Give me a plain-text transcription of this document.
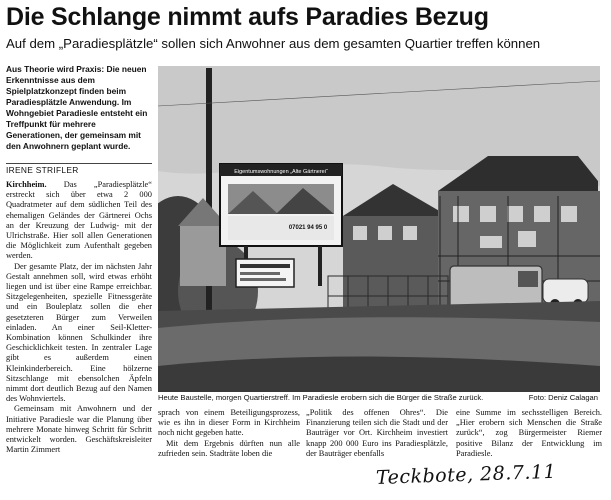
Die Schlange nimmt aufs Paradies Bezug
Auf dem „Paradiesplätzle“ sollen sich Anwohner aus dem gesamten Quartier treffen können

Aus Theorie wird Praxis: Die neuen Erkenntnisse aus dem Spielplatzkonzept finden beim Paradiesplätzle Anwendung. Im Wohngebiet Paradiesle entsteht ein Treffpunkt für mehrere Generationen, der gemeinsam mit den Anwohnern geplant wurde.

IRENE STRIFLER

Kirchheim. Das „Paradiesplätzle“ erstreckt sich über etwa 2 000 Quadratmeter auf dem südlichen Teil des ehemaligen Geländes der Gärtnerei Ochs an der Kreuzung der Ludwig- mit der Ulrichstraße. Hier soll allen Generationen die Möglichkeit zum Aufenthalt gegeben werden.

Der gesamte Platz, der im nächsten Jahr Gestalt annehmen soll, wird etwas erhöht liegen und ist über eine Rampe erreichbar. Sitzgelegenheiten, spezielle Fitnessgeräte und ein Bouleplatz sollen die eher gesetzteren Bürger zum Verweilen einladen. An einer Seil-Kletter-Kombination können Schulkinder ihre Geschicklichkeit testen. In zentraler Lage gibt es außerdem einen Kleinkinderbereich. Eine hölzerne Sitzschlange mit ebensolchen Äpfeln nimmt dort deutlich Bezug auf den Namen des Wohnviertels.

Gemeinsam mit Anwohnern und der Initiative Paradiesle war die Planung über mehrere Monate hinweg Schritt für Schritt entwickelt worden. Geschäftskreisleiter Martin Zimmert

Eigentumswohnungen „Alte Gärtnerei“
07021 94 95 0
Heute Baustelle, morgen Quartierstreff. Im Paradiesle erobern sich die Bürger die Straße zurück.	Foto: Deniz Calagan

sprach von einem Beteiligungsprozess, wie es ihn in dieser Form in Kirchheim noch nicht gegeben hatte.

Mit dem Ergebnis dürften nun alle zufrieden sein. Stadträte loben die

„Politik des offenen Ohres“. Die Finanzierung teilen sich die Stadt und der Bauträger vor Ort. Kirchheim investiert knapp 200 000 Euro ins Paradiesplätzle, der Bauträger ebenfalls

eine Summe im sechsstelligen Bereich. „Hier erobern sich Menschen die Straße zurück“, zog Bürgermeister Riemer positive Bilanz der Entwicklung im Paradiesle.

Teckbote, 28.7.11
